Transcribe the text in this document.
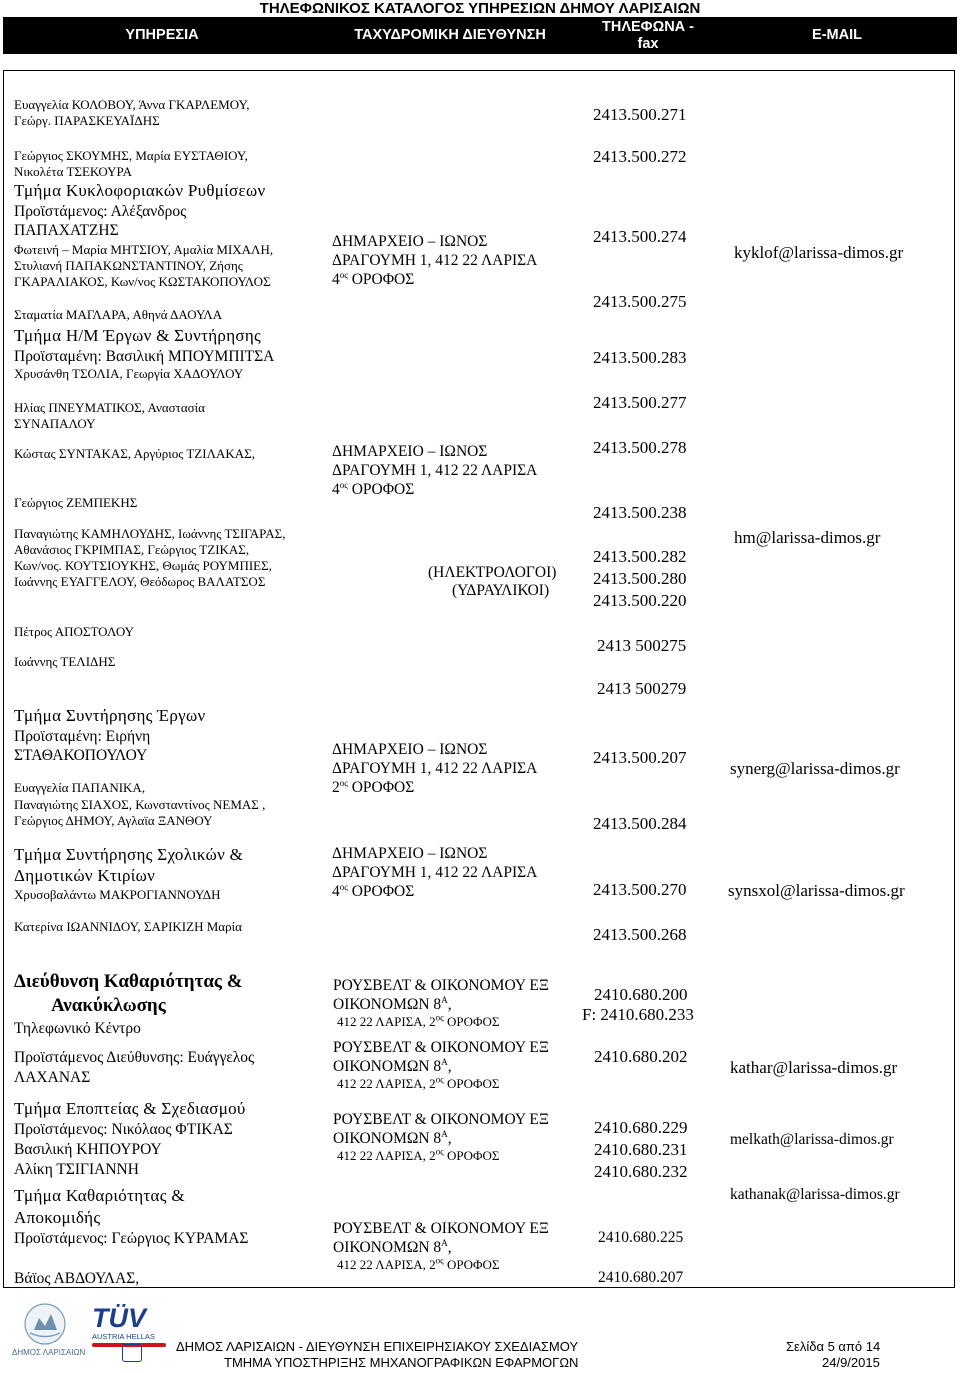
ΤΗΛΕΦΩΝΙΚΟΣ ΚΑΤΑΛΟΓΟΣ ΥΠΗΡΕΣΙΩΝ ΔΗΜΟΥ ΛΑΡΙΣΑΙΩΝ
ΥΠΗΡΕΣΙΑ	ΤΑΧΥΔΡΟΜΙΚΗ ΔΙΕΥΘΥΝΣΗ
ΤΗΛΕΦΩΝΑ -
fax
E-MAIL
Ευαγγελία ΚΟΛΟΒΟΥ, Άννα ΓΚΑΡΛΕΜΟΥ,
Γεώργ. ΠΑΡΑΣΚΕΥΑΪΔΗΣ
Γεώργιος ΣΚΟΥΜΗΣ, Μαρία ΕΥΣΤΑΘΙΟΥ,
Νικολέτα ΤΣΕΚΟΥΡΑ
Τμήμα Κυκλοφοριακών Ρυθμίσεων
Προϊστάμενος: Αλέξανδρος
ΠΑΠΑΧΑΤΖΗΣ
Φωτεινή – Μαρία ΜΗΤΣΙΟΥ, Αμαλία ΜΙΧΑΛΗ,
Στυλιανή ΠΑΠΑΚΩΝΣΤΑΝΤΙΝΟΥ, Ζήσης
ΓΚΑΡΑΛΙΑΚΟΣ, Κων/νος ΚΩΣΤΑΚΟΠΟΥΛΟΣ
Σταματία ΜΑΓΛΑΡΑ, Αθηνά ΔΑΟΥΛΑ
Τμήμα Η/Μ Έργων & Συντήρησης
Προϊσταμένη: Βασιλική ΜΠΟΥΜΠΙΤΣΑ
Χρυσάνθη ΤΣΟΛΙΑ, Γεωργία ΧΑΔΟΥΛΟΥ
Ηλίας ΠΝΕΥΜΑΤΙΚΟΣ, Αναστασία
ΣΥΝΑΠΑΛΟΥ
Κώστας ΣΥΝΤΑΚΑΣ, Αργύριος ΤΖΙΛΑΚΑΣ,
Γεώργιος ΖΕΜΠΕΚΗΣ
Παναγιώτης ΚΑΜΗΛΟΥΔΗΣ, Ιωάννης ΤΣΙΓΑΡΑΣ,
Αθανάσιος ΓΚΡΙΜΠΑΣ, Γεώργιος ΤΖΙΚΑΣ,
Κων/νος. ΚΟΥΤΣΙΟΥΚΗΣ, Θωμάς ΡΟΥΜΠΙΕΣ,
Ιωάννης ΕΥΑΓΓΕΛΟΥ, Θεόδωρος ΒΑΛΑΤΣΟΣ
Πέτρος ΑΠΟΣΤΟΛΟΥ
Ιωάννης ΤΕΛΙΔΗΣ
Τμήμα Συντήρησης Έργων
Προϊσταμένη: Ειρήνη
ΣΤΑΘΑΚΟΠΟΥΛΟΥ
Ευαγγελία ΠΑΠΑΝΙΚΑ,
Παναγιώτης ΣΙΑΧΟΣ, Κωνσταντίνος ΝΕΜΑΣ ,
Γεώργιος ΔΗΜΟΥ, Αγλαϊα ΞΑΝΘΟΥ
Τμήμα Συντήρησης Σχολικών &
Δημοτικών Κτιρίων
Χρυσοβαλάντω ΜΑΚΡΟΓΙΑΝΝΟΥΔΗ
Κατερίνα ΙΩΑΝΝΙΔΟΥ, ΣΑΡΙΚΙΖΗ Μαρία
Διεύθυνση Καθαριότητας &
Ανακύκλωσης
Τηλεφωνικό Κέντρο
Προϊστάμενος Διεύθυνσης: Ευάγγελος
ΛΑΧΑΝΑΣ
Τμήμα Εποπτείας & Σχεδιασμού
Προϊστάμενος: Νικόλαος ΦΤΙΚΑΣ
Βασιλική ΚΗΠΟΥΡΟΥ
Αλίκη ΤΣΙΓΙΑΝΝΗ
Τμήμα Καθαριότητας &
Αποκομιδής
Προϊστάμενος: Γεώργιος ΚΥΡΑΜΑΣ
Βάϊος ΑΒΔΟΥΛΑΣ,
ΔΗΜΑΡΧΕΙΟ – ΙΩΝΟΣ
ΔΡΑΓΟΥΜΗ 1, 412 22 ΛΑΡΙΣΑ
$4^{o\varsigma}$ ΟΡΟΦΟΣ
ΔΗΜΑΡΧΕΙΟ – ΙΩΝΟΣ
ΔΡΑΓΟΥΜΗ 1, 412 22 ΛΑΡΙΣΑ
$4^{o\varsigma}$ ΟΡΟΦΟΣ
(ΗΛΕΚΤΡΟΛΟΓΟΙ)
(ΥΔΡΑΥΛΙΚΟΙ)
ΔΗΜΑΡΧΕΙΟ – ΙΩΝΟΣ
ΔΡΑΓΟΥΜΗ 1, 412 22 ΛΑΡΙΣΑ
$2^{o\varsigma}$ ΟΡΟΦΟΣ
ΔΗΜΑΡΧΕΙΟ – ΙΩΝΟΣ
ΔΡΑΓΟΥΜΗ 1, 412 22 ΛΑΡΙΣΑ
$4^{o\varsigma}$ ΟΡΟΦΟΣ
ΡΟΥΣΒΕΛΤ & ΟΙΚΟΝΟΜΟΥ ΕΞ
ΟΙΚΟΝΟΜΩΝ $8^A$,
412 22 ΛΑΡΙΣΑ, $2^{o\varsigma}$ ΟΡΟΦΟΣ
ΡΟΥΣΒΕΛΤ & ΟΙΚΟΝΟΜΟΥ ΕΞ
ΟΙΚΟΝΟΜΩΝ $8^A$,
412 22 ΛΑΡΙΣΑ, $2^{o\varsigma}$ ΟΡΟΦΟΣ
ΡΟΥΣΒΕΛΤ & ΟΙΚΟΝΟΜΟΥ ΕΞ
ΟΙΚΟΝΟΜΩΝ $8^A$,
412 22 ΛΑΡΙΣΑ, $2^{o\varsigma}$ ΟΡΟΦΟΣ
ΡΟΥΣΒΕΛΤ & ΟΙΚΟΝΟΜΟΥ ΕΞ
ΟΙΚΟΝΟΜΩΝ $8^A$,
412 22 ΛΑΡΙΣΑ, $2^{o\varsigma}$ ΟΡΟΦΟΣ
2413.500.271
2413.500.272
2413.500.274
2413.500.275
2413.500.283
2413.500.277
2413.500.278
2413.500.238
2413.500.282
2413.500.280
2413.500.220
2413 500275
2413 500279
2413.500.207
2413.500.284
2413.500.270
2413.500.268
2410.680.200
F: 2410.680.233
2410.680.202
2410.680.229
2410.680.231
2410.680.232
2410.680.225
2410.680.207
kyklof@larissa-dimos.gr
hm@larissa-dimos.gr
synerg@larissa-dimos.gr
synsxol@larissa-dimos.gr
kathar@larissa-dimos.gr
melkath@larissa-dimos.gr
kathanak@larissa-dimos.gr
ΔΗΜΟΣ ΛΑΡΙΣΑΙΩΝ
TÜV
AUSTRIA HELLAS
ΔΗΜΟΣ ΛΑΡΙΣΑΙΩΝ - ΔΙΕΥΘΥΝΣΗ ΕΠΙΧΕΙΡΗΣΙΑΚΟΥ ΣΧΕΔΙΑΣΜΟΥ
ΤΜΗΜΑ ΥΠΟΣΤΗΡΙΞΗΣ ΜΗΧΑΝΟΓΡΑΦΙΚΩΝ ΕΦΑΡΜΟΓΩΝ
Σελίδα 5 από 14
24/9/2015
